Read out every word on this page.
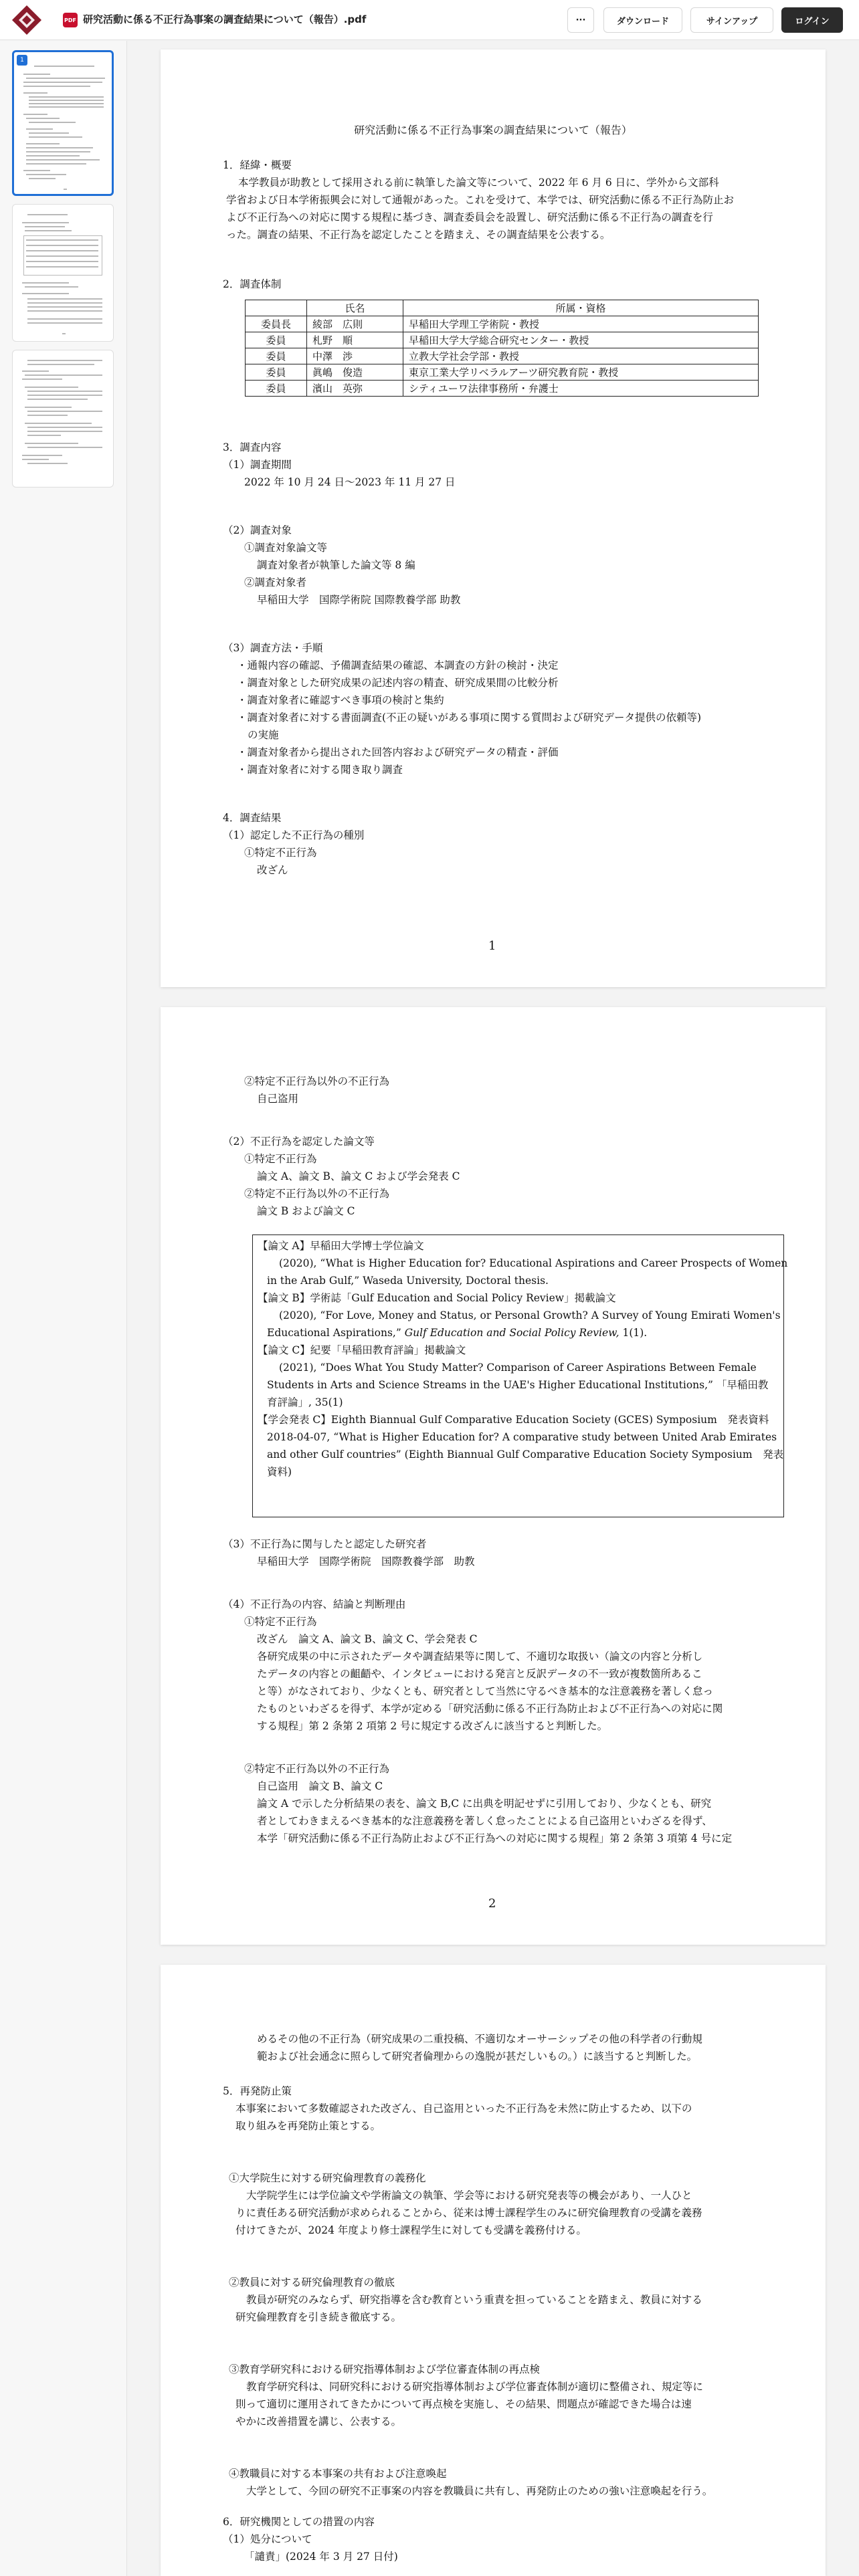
PDF 研究活動に係る不正行為事案の調査結果について（報告）.pdf	···	ダウンロード	サインアップ	ログイン
1
研究活動に係る不正行為事案の調査結果について（報告）
1．経緯・概要
本学教員が助教として採用される前に執筆した論文等について、2022 年 6 月 6 日に、学外から文部科
学省および日本学術振興会に対して通報があった。これを受けて、本学では、研究活動に係る不正行為防止お
よび不正行為への対応に関する規程に基づき、調査委員会を設置し、研究活動に係る不正行為の調査を行
った。調査の結果、不正行為を認定したことを踏まえ、その調査結果を公表する。
2．調査体制
	氏名	所属・資格
委員長	綾部　広則	早稲田大学理工学術院・教授
委員	札野　順	早稲田大学大学総合研究センター・教授
委員	中澤　渉	立教大学社会学部・教授
委員	眞嶋　俊造	東京工業大学リベラルアーツ研究教育院・教授
委員	濱山　英弥	シティユーワ法律事務所・弁護士
3．調査内容
（1）調査期間
2022 年 10 月 24 日～2023 年 11 月 27 日
（2）調査対象
①調査対象論文等
調査対象者が執筆した論文等 8 編
②調査対象者
早稲田大学　国際学術院 国際教養学部 助教
（3）調査方法・手順
・通報内容の確認、予備調査結果の確認、本調査の方針の検討・決定
・調査対象とした研究成果の記述内容の精査、研究成果間の比較分析
・調査対象者に確認すべき事項の検討と集約
・調査対象者に対する書面調査(不正の疑いがある事項に関する質問および研究データ提供の依頼等)
の実施
・調査対象者から提出された回答内容および研究データの精査・評価
・調査対象者に対する聞き取り調査
4．調査結果
（1）認定した不正行為の種別
①特定不正行為
改ざん
1
②特定不正行為以外の不正行為
自己盗用
（2）不正行為を認定した論文等
①特定不正行為
論文 A、論文 B、論文 C および学会発表 C
②特定不正行為以外の不正行為
論文 B および論文 C
【論文 A】早稲田大学博士学位論文
(2020), “What is Higher Education for? Educational Aspirations and Career Prospects of Women
in the Arab Gulf,” Waseda University, Doctoral thesis.
【論文 B】学術誌「Gulf Education and Social Policy Review」掲載論文
(2020), “For Love, Money and Status, or Personal Growth? A Survey of Young Emirati Women's
Educational Aspirations,” Gulf Education and Social Policy Review, 1(1).
【論文 C】紀要「早稲田教育評論」掲載論文
(2021), “Does What You Study Matter? Comparison of Career Aspirations Between Female
Students in Arts and Science Streams in the UAE's Higher Educational Institutions,” 「早稲田教
育評論」, 35(1)
【学会発表 C】Eighth Biannual Gulf Comparative Education Society (GCES) Symposium　発表資料
2018-04-07, “What is Higher Education for? A comparative study between United Arab Emirates
and other Gulf countries” (Eighth Biannual Gulf Comparative Education Society Symposium　発表
資料)
（3）不正行為に関与したと認定した研究者
早稲田大学　国際学術院　国際教養学部　助教
（4）不正行為の内容、結論と判断理由
①特定不正行為
改ざん　論文 A、論文 B、論文 C、学会発表 C
各研究成果の中に示されたデータや調査結果等に関して、不適切な取扱い（論文の内容と分析し
たデータの内容との齟齬や、インタビューにおける発言と反訳データの不一致が複数箇所あるこ
と等）がなされており、少なくとも、研究者として当然に守るべき基本的な注意義務を著しく怠っ
たものといわざるを得ず、本学が定める「研究活動に係る不正行為防止および不正行為への対応に関
する規程」第 2 条第 2 項第 2 号に規定する改ざんに該当すると判断した。
②特定不正行為以外の不正行為
自己盗用　論文 B、論文 C
論文 A で示した分析結果の表を、論文 B,C に出典を明記せずに引用しており、少なくとも、研究
者としてわきまえるべき基本的な注意義務を著しく怠ったことによる自己盗用といわざるを得ず、
本学「研究活動に係る不正行為防止および不正行為への対応に関する規程」第 2 条第 3 項第 4 号に定
2
めるその他の不正行為（研究成果の二重投稿、不適切なオーサーシップその他の科学者の行動規
範および社会通念に照らして研究者倫理からの逸脱が甚だしいもの。）に該当すると判断した。
5．再発防止策
本事案において多数確認された改ざん、自己盗用といった不正行為を未然に防止するため、以下の
取り組みを再発防止策とする。
①大学院生に対する研究倫理教育の義務化
大学院学生には学位論文や学術論文の執筆、学会等における研究発表等の機会があり、一人ひと
りに責任ある研究活動が求められることから、従来は博士課程学生のみに研究倫理教育の受講を義務
付けてきたが、2024 年度より修士課程学生に対しても受講を義務付ける。
②教員に対する研究倫理教育の徹底
教員が研究のみならず、研究指導を含む教育という重責を担っていることを踏まえ、教員に対する
研究倫理教育を引き続き徹底する。
③教育学研究科における研究指導体制および学位審査体制の再点検
教育学研究科は、同研究科における研究指導体制および学位審査体制が適切に整備され、規定等に
則って適切に運用されてきたかについて再点検を実施し、その結果、問題点が確認できた場合は速
やかに改善措置を講じ、公表する。
④教職員に対する本事案の共有および注意喚起
大学として、今回の研究不正事案の内容を教職員に共有し、再発防止のための強い注意喚起を行う。
6．研究機関としての措置の内容
（1）処分について
「譴責」(2024 年 3 月 27 日付)
